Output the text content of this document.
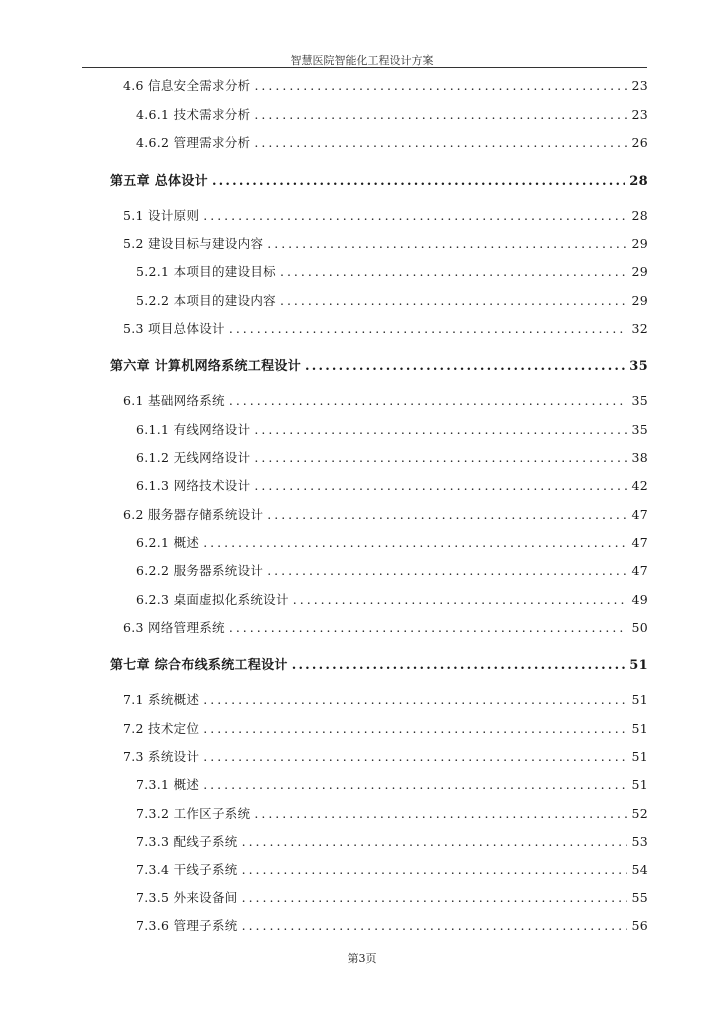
智慧医院智能化工程设计方案
4.6 信息安全需求分析 .....	23
4.6.1 技术需求分析 .....	23
4.6.2 管理需求分析 .....	26
第五章 总体设计 .....	28
5.1 设计原则 .....	28
5.2 建设目标与建设内容 .....	29
5.2.1 本项目的建设目标 .....	29
5.2.2 本项目的建设内容 .....	29
5.3 项目总体设计 .....	32
第六章 计算机网络系统工程设计 .....	35
6.1 基础网络系统 .....	35
6.1.1 有线网络设计 .....	35
6.1.2 无线网络设计 .....	38
6.1.3 网络技术设计 .....	42
6.2 服务器存储系统设计 .....	47
6.2.1 概述 .....	47
6.2.2 服务器系统设计 .....	47
6.2.3 桌面虚拟化系统设计 .....	49
6.3 网络管理系统 .....	50
第七章 综合布线系统工程设计 .....	51
7.1 系统概述 .....	51
7.2 技术定位 .....	51
7.3 系统设计 .....	51
7.3.1 概述 .....	51
7.3.2 工作区子系统 .....	52
7.3.3 配线子系统 .....	53
7.3.4 干线子系统 .....	54
7.3.5 外来设备间 .....	55
7.3.6 管理子系统 .....	56
第3页
